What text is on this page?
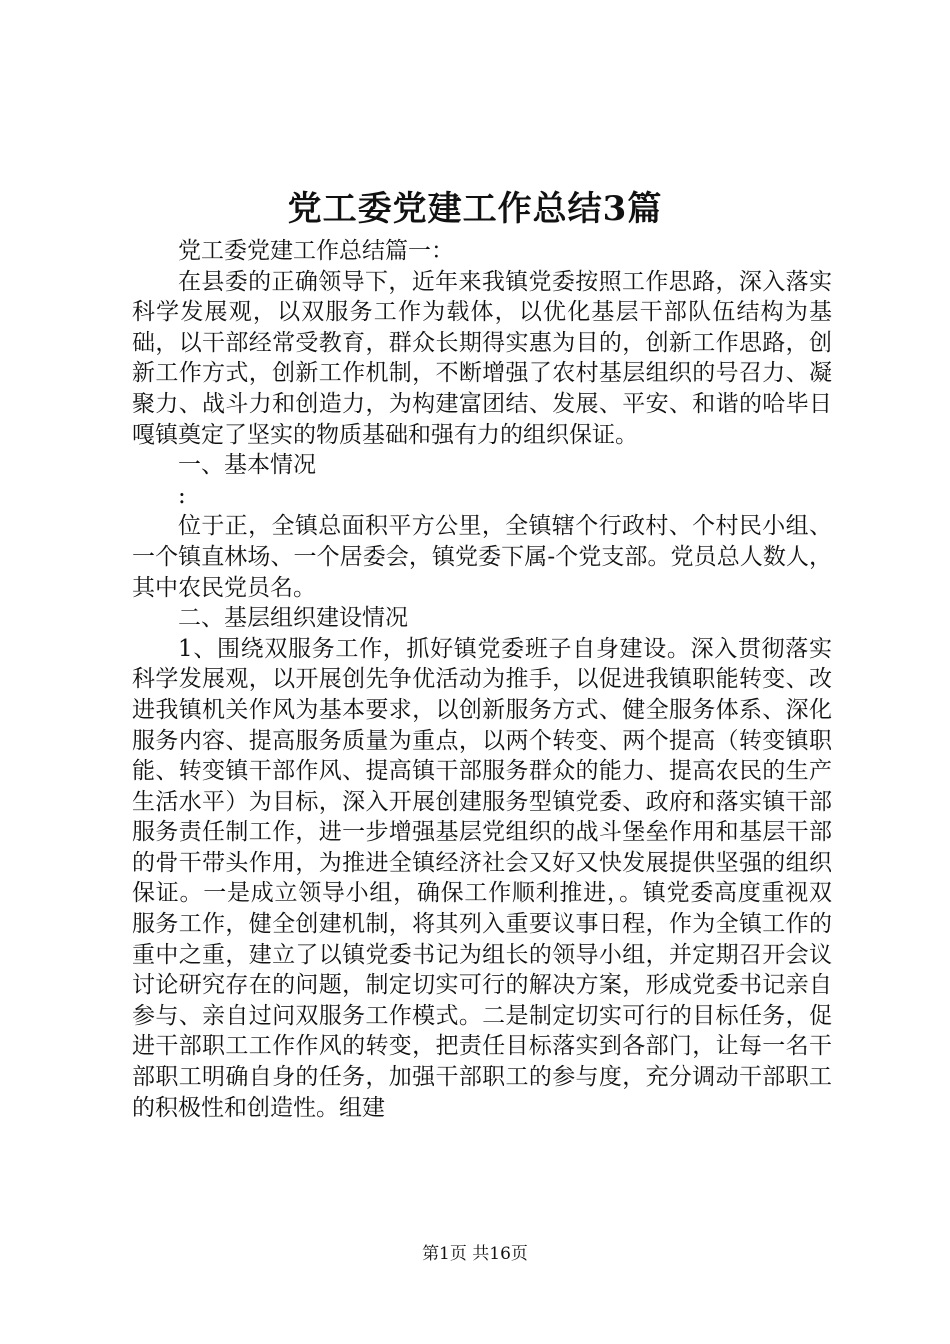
党工委党建工作总结3篇

党工委党建工作总结篇一：

在县委的正确领导下，近年来我镇党委按照工作思路，深入落实科学发展观，以双服务工作为载体，以优化基层干部队伍结构为基础，以干部经常受教育，群众长期得实惠为目的，创新工作思路，创新工作方式，创新工作机制，不断增强了农村基层组织的号召力、凝聚力、战斗力和创造力，为构建富团结、发展、平安、和谐的哈毕日嘎镇奠定了坚实的物质基础和强有力的组织保证。

一、基本情况

:

位于正，全镇总面积平方公里，全镇辖个行政村、个村民小组、一个镇直林场、一个居委会，镇党委下属-个党支部。党员总人数人，其中农民党员名。

二、基层组织建设情况

1、围绕双服务工作，抓好镇党委班子自身建设。深入贯彻落实科学发展观，以开展创先争优活动为推手，以促进我镇职能转变、改进我镇机关作风为基本要求，以创新服务方式、健全服务体系、深化服务内容、提高服务质量为重点，以两个转变、两个提高（转变镇职能、转变镇干部作风、提高镇干部服务群众的能力、提高农民的生产生活水平）为目标，深入开展创建服务型镇党委、政府和落实镇干部服务责任制工作，进一步增强基层党组织的战斗堡垒作用和基层干部的骨干带头作用，为推进全镇经济社会又好又快发展提供坚强的组织保证。一是成立领导小组，确保工作顺利推进，。镇党委高度重视双服务工作，健全创建机制，将其列入重要议事日程，作为全镇工作的重中之重，建立了以镇党委书记为组长的领导小组，并定期召开会议讨论研究存在的问题，制定切实可行的解决方案，形成党委书记亲自参与、亲自过问双服务工作模式。二是制定切实可行的目标任务，促进干部职工工作作风的转变，把责任目标落实到各部门，让每一名干部职工明确自身的任务，加强干部职工的参与度，充分调动干部职工的积极性和创造性。组建

第1页 共16页
